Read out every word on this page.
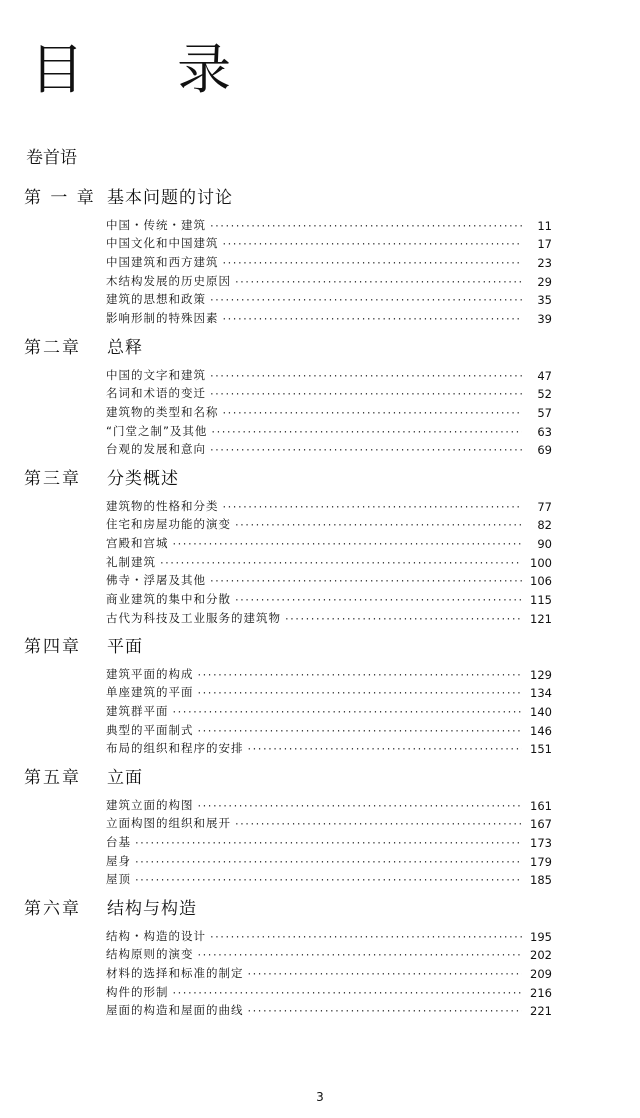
目 录
卷首语
第 一 章 基本问题的讨论
中国・传统・建筑 ·····	11
中国文化和中国建筑 ·····	17
中国建筑和西方建筑 ·····	23
木结构发展的历史原因 ·····	29
建筑的思想和政策 ·····	35
影响形制的特殊因素 ·····	39
第二章 总释
中国的文字和建筑 ·····	47
名词和术语的变迁 ·····	52
建筑物的类型和名称 ·····	57
“门堂之制”及其他 ·····	63
台观的发展和意向 ·····	69
第三章 分类概述
建筑物的性格和分类 ·····	77
住宅和房屋功能的演变 ·····	82
宫殿和宫城 ·····	90
礼制建筑 ·····	100
佛寺・浮屠及其他 ·····	106
商业建筑的集中和分散 ·····	115
古代为科技及工业服务的建筑物 ·····	121
第四章 平面
建筑平面的构成 ·····	129
单座建筑的平面 ·····	134
建筑群平面 ·····	140
典型的平面制式 ·····	146
布局的组织和程序的安排 ·····	151
第五章 立面
建筑立面的构图 ·····	161
立面构图的组织和展开 ·····	167
台基 ·····	173
屋身 ·····	179
屋顶 ·····	185
第六章 结构与构造
结构・构造的设计 ·····	195
结构原则的演变 ·····	202
材料的选择和标准的制定 ·····	209
构件的形制 ·····	216
屋面的构造和屋面的曲线 ·····	221
3
